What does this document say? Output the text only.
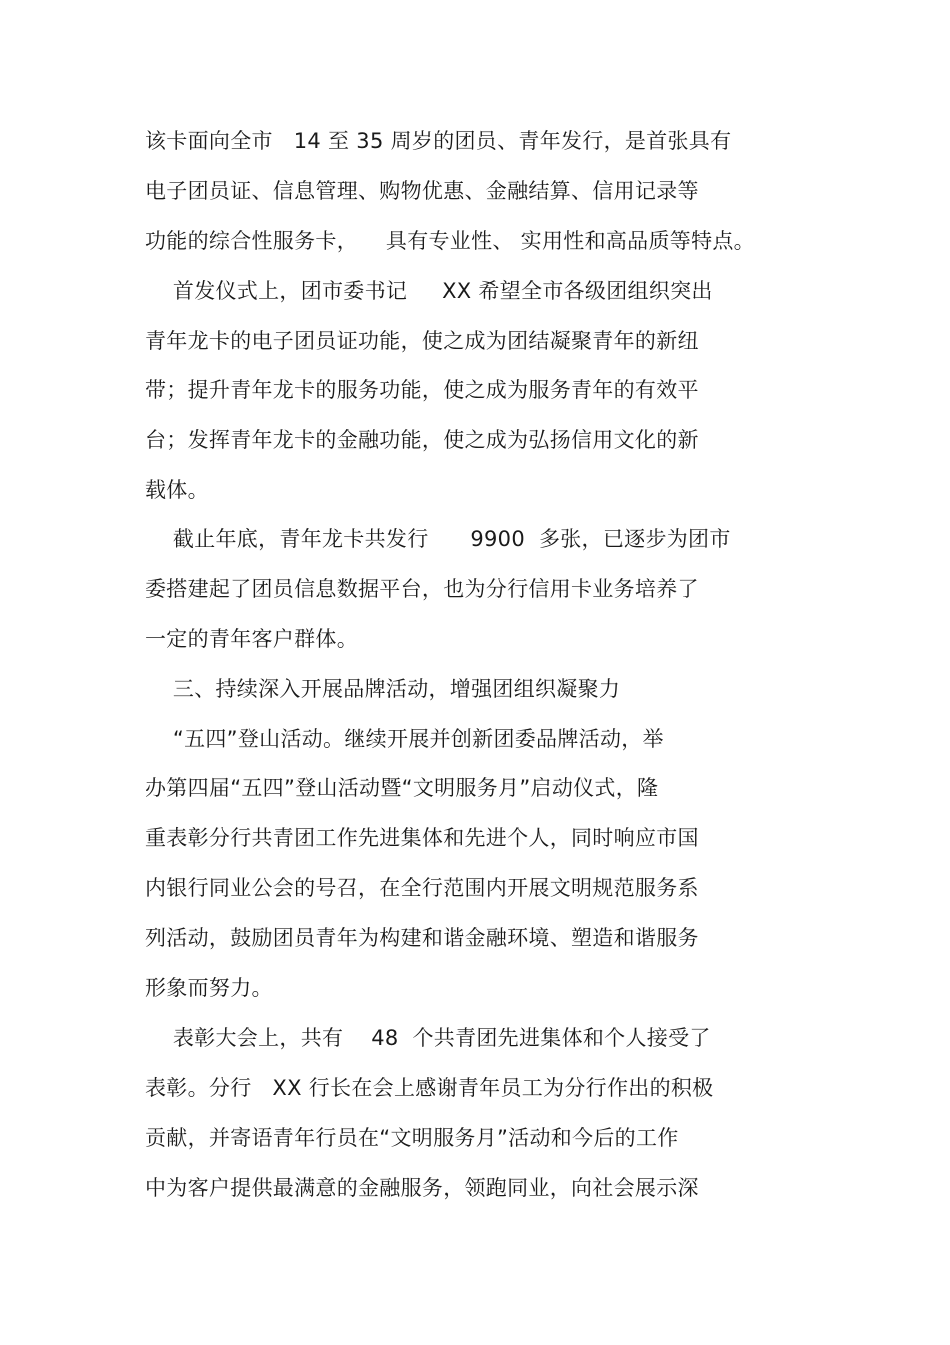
该卡面向全市   14 至 35 周岁的团员、青年发行，是首张具有
电子团员证、信息管理、购物优惠、金融结算、信用记录等
功能的综合性服务卡，    具有专业性、 实用性和高品质等特点。
首发仪式上，团市委书记     XX 希望全市各级团组织突出
青年龙卡的电子团员证功能，使之成为团结凝聚青年的新纽
带；提升青年龙卡的服务功能，使之成为服务青年的有效平
台；发挥青年龙卡的金融功能，使之成为弘扬信用文化的新
载体。
截止年底，青年龙卡共发行      9900  多张，已逐步为团市
委搭建起了团员信息数据平台，也为分行信用卡业务培养了
一定的青年客户群体。
三、持续深入开展品牌活动，增强团组织凝聚力
“五四”登山活动。继续开展并创新团委品牌活动，举
办第四届“五四”登山活动暨“文明服务月”启动仪式，隆
重表彰分行共青团工作先进集体和先进个人，同时响应市国
内银行同业公会的号召，在全行范围内开展文明规范服务系
列活动，鼓励团员青年为构建和谐金融环境、塑造和谐服务
形象而努力。
表彰大会上，共有    48  个共青团先进集体和个人接受了
表彰。分行   XX 行长在会上感谢青年员工为分行作出的积极
贡献，并寄语青年行员在“文明服务月”活动和今后的工作
中为客户提供最满意的金融服务，领跑同业，向社会展示深
